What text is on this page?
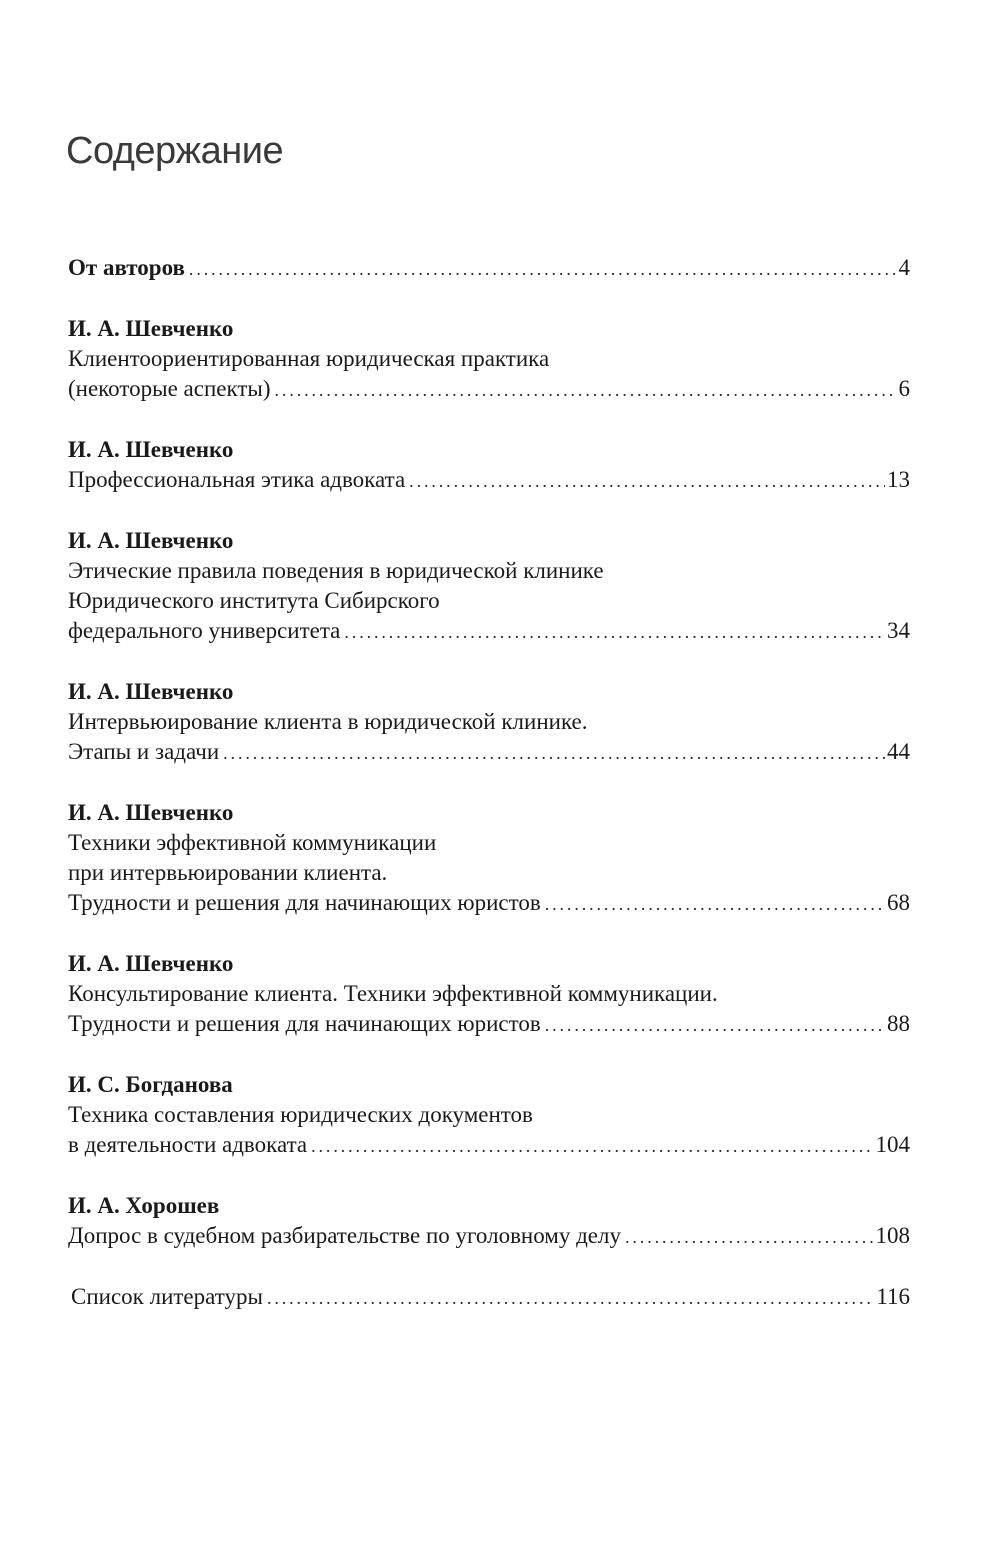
Содержание
От авторов . . .	4
И. А. Шевченко
Клиентоориентированная юридическая практика
(некоторые аспекты) . . .	6
И. А. Шевченко
Профессиональная этика адвоката . . .	13
И. А. Шевченко
Этические правила поведения в юридической клинике
Юридического института Сибирского
федерального университета . . .	34
И. А. Шевченко
Интервьюирование клиента в юридической клинике.
Этапы и задачи . . .	44
И. А. Шевченко
Техники эффективной коммуникации
при интервьюировании клиента.
Трудности и решения для начинающих юристов . . .	68
И. А. Шевченко
Консультирование клиента. Техники эффективной коммуникации.
Трудности и решения для начинающих юристов . . .	88
И. С. Богданова
Техника составления юридических документов
в деятельности адвоката . . .	104
И. А. Хорошев
Допрос в судебном разбирательстве по уголовному делу . . .	108
Список литературы . . .	116
